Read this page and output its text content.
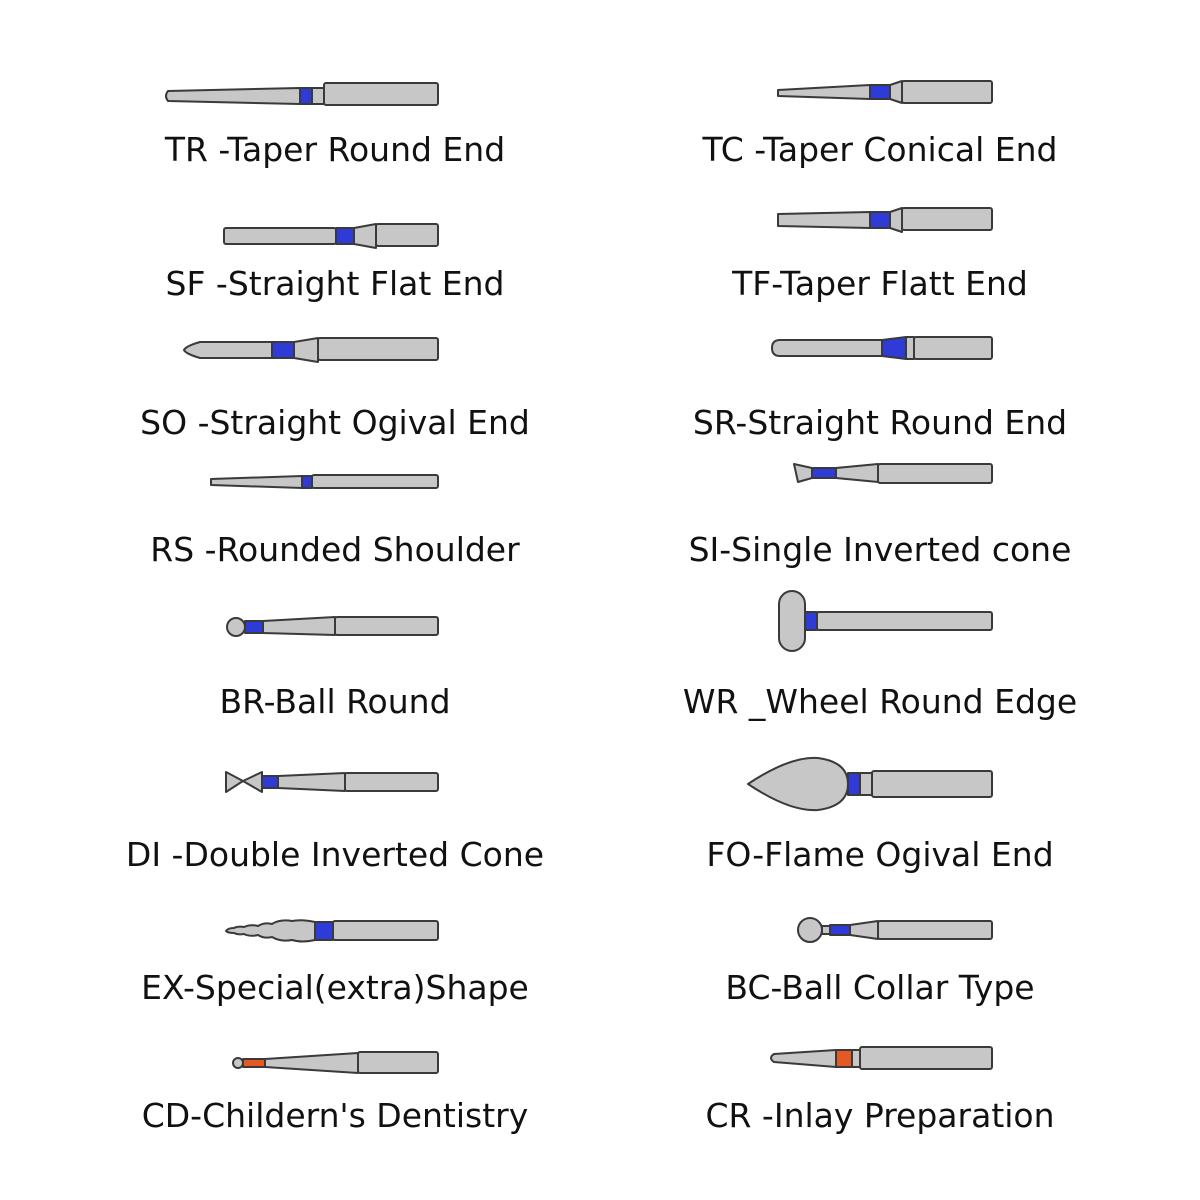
TR -Taper Round End	TC -Taper Conical End
SF -Straight Flat End	TF-Taper Flatt End
SO -Straight Ogival End	SR-Straight Round End
RS -Rounded Shoulder	SI-Single Inverted cone
BR-Ball Round	WR _Wheel Round Edge
DI -Double Inverted Cone	FO-Flame Ogival End
EX-Special(extra)Shape	BC-Ball Collar Type
CD-Childern's Dentistry	CR -Inlay Preparation
